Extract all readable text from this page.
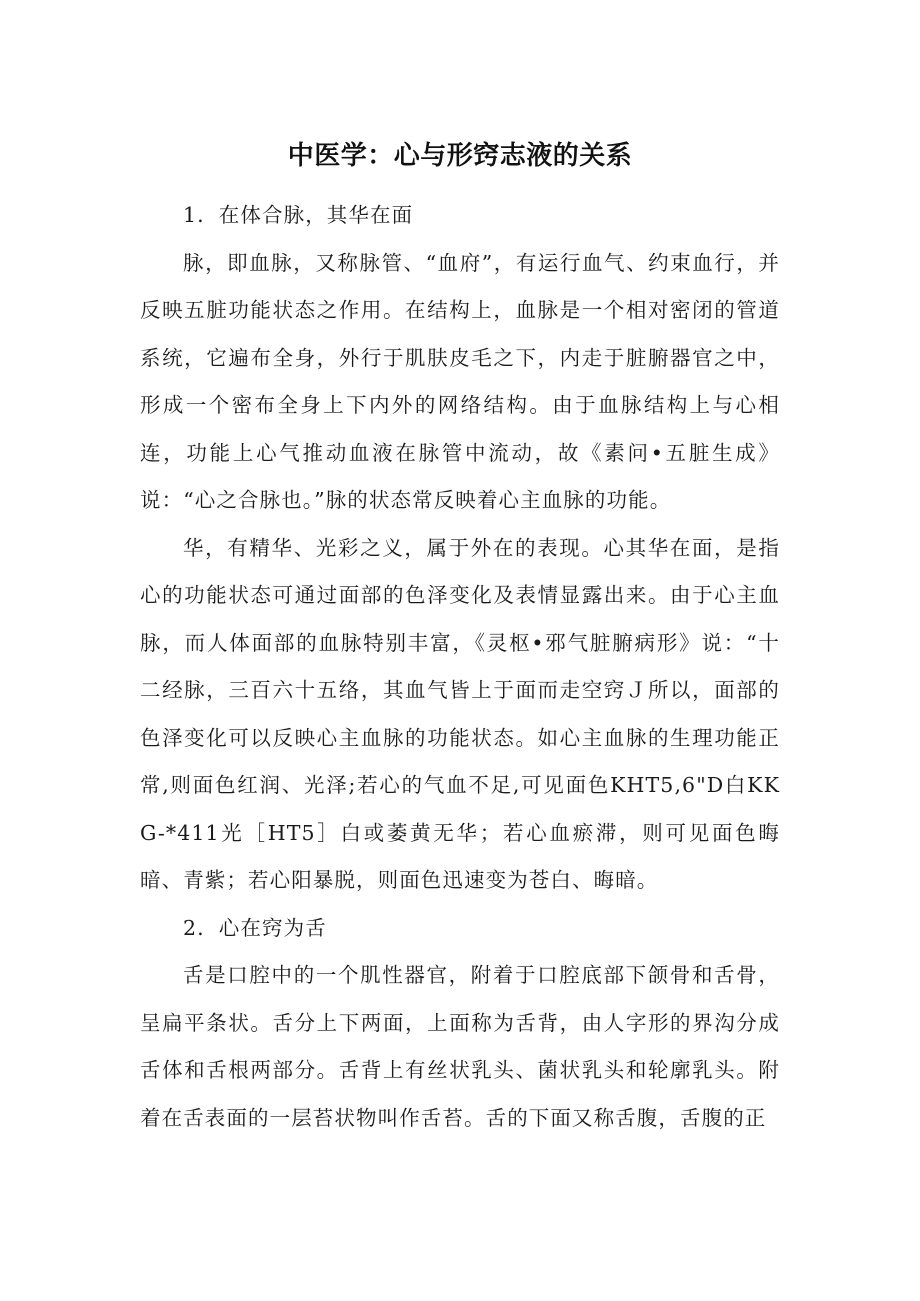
中医学：心与形窍志液的关系

1．在体合脉，其华在面

脉，即血脉，又称脉管、“血府”，有运行血气、约束血行，并反映五脏功能状态之作用。在结构上，血脉是一个相对密闭的管道系统，它遍布全身，外行于肌肤皮毛之下，内走于脏腑器官之中，形成一个密布全身上下内外的网络结构。由于血脉结构上与心相连，功能上心气推动血液在脉管中流动，故《素问•五脏生成》说：“心之合脉也。”脉的状态常反映着心主血脉的功能。

华，有精华、光彩之义，属于外在的表现。心其华在面，是指心的功能状态可通过面部的色泽变化及表情显露出来。由于心主血脉，而人体面部的血脉特别丰富，《灵枢•邪气脏腑病形》说：“十二经脉，三百六十五络，其血气皆上于面而走空窍Ｊ所以，面部的色泽变化可以反映心主血脉的功能状态。如心主血脉的生理功能正常,则面色红润、光泽;若心的气血不足,可见面色KHT5,6"D白KKG-*411光［HT5］白或萎黄无华；若心血瘀滞，则可见面色晦暗、青紫；若心阳暴脱，则面色迅速变为苍白、晦暗。

2．心在窍为舌

舌是口腔中的一个肌性器官，附着于口腔底部下颌骨和舌骨，呈扁平条状。舌分上下两面，上面称为舌背，由人字形的界沟分成舌体和舌根两部分。舌背上有丝状乳头、菌状乳头和轮廓乳头。附着在舌表面的一层苔状物叫作舌苔。舌的下面又称舌腹，舌腹的正
